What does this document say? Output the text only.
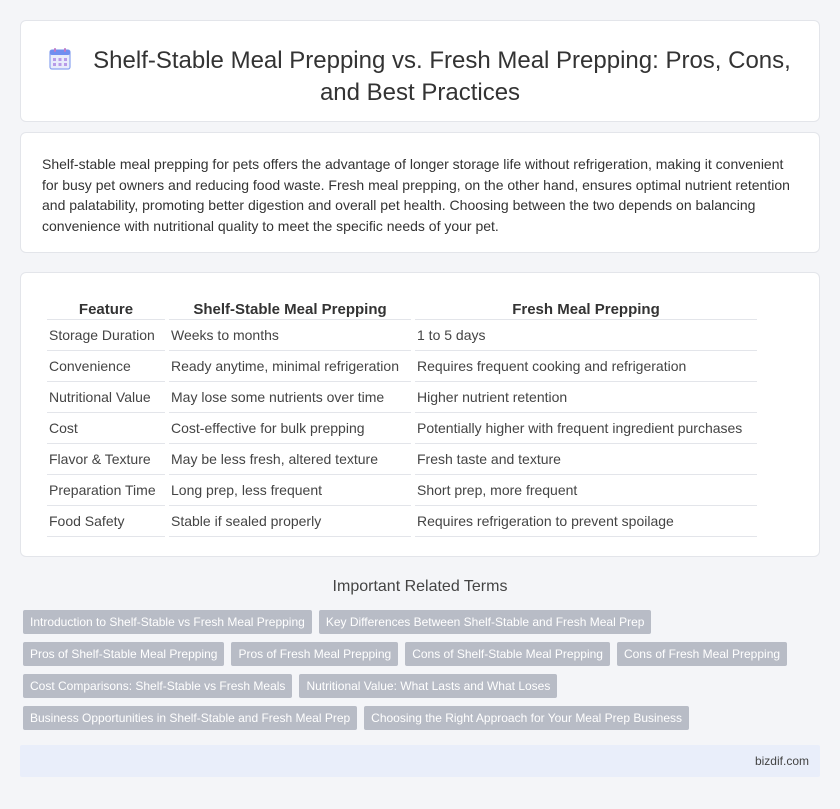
Shelf-Stable Meal Prepping vs. Fresh Meal Prepping: Pros, Cons,
and Best Practices

Shelf-stable meal prepping for pets offers the advantage of longer storage life without refrigeration, making it convenient for busy pet owners and reducing food waste. Fresh meal prepping, on the other hand, ensures optimal nutrient retention and palatability, promoting better digestion and overall pet health. Choosing between the two depends on balancing convenience with nutritional quality to meet the specific needs of your pet.

Feature	Shelf-Stable Meal Prepping	Fresh Meal Prepping
Storage Duration	Weeks to months	1 to 5 days
Convenience	Ready anytime, minimal refrigeration	Requires frequent cooking and refrigeration
Nutritional Value	May lose some nutrients over time	Higher nutrient retention
Cost	Cost-effective for bulk prepping	Potentially higher with frequent ingredient purchases
Flavor & Texture	May be less fresh, altered texture	Fresh taste and texture
Preparation Time	Long prep, less frequent	Short prep, more frequent
Food Safety	Stable if sealed properly	Requires refrigeration to prevent spoilage
Important Related Terms
Introduction to Shelf-Stable vs Fresh Meal Prepping Key Differences Between Shelf-Stable and Fresh Meal Prep
Pros of Shelf-Stable Meal Prepping Pros of Fresh Meal Prepping Cons of Shelf-Stable Meal Prepping Cons of Fresh Meal Prepping
Cost Comparisons: Shelf-Stable vs Fresh Meals Nutritional Value: What Lasts and What Loses
Business Opportunities in Shelf-Stable and Fresh Meal Prep Choosing the Right Approach for Your Meal Prep Business
bizdif.com
